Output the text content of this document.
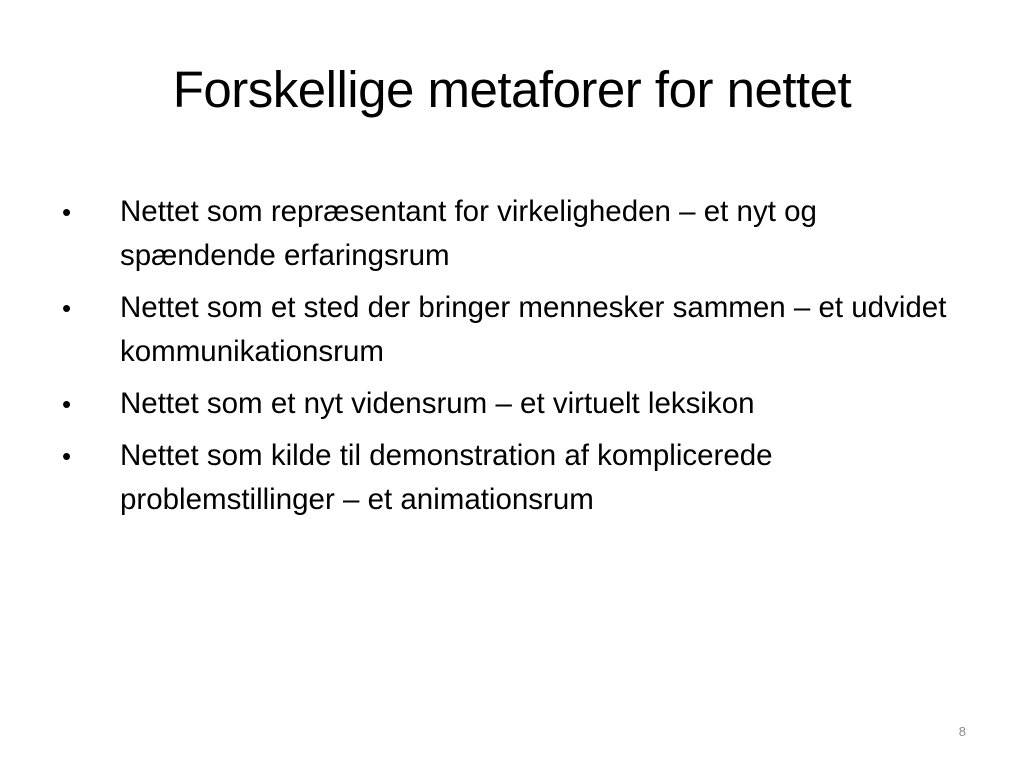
Forskellige metaforer for nettet
•	Nettet som repræsentant for virkeligheden – et nyt og spændende erfaringsrum
•	Nettet som et sted der bringer mennesker sammen – et udvidet kommunikationsrum
•	Nettet som et nyt vidensrum – et virtuelt leksikon
•	Nettet som kilde til demonstration af komplicerede problemstillinger – et animationsrum
8
